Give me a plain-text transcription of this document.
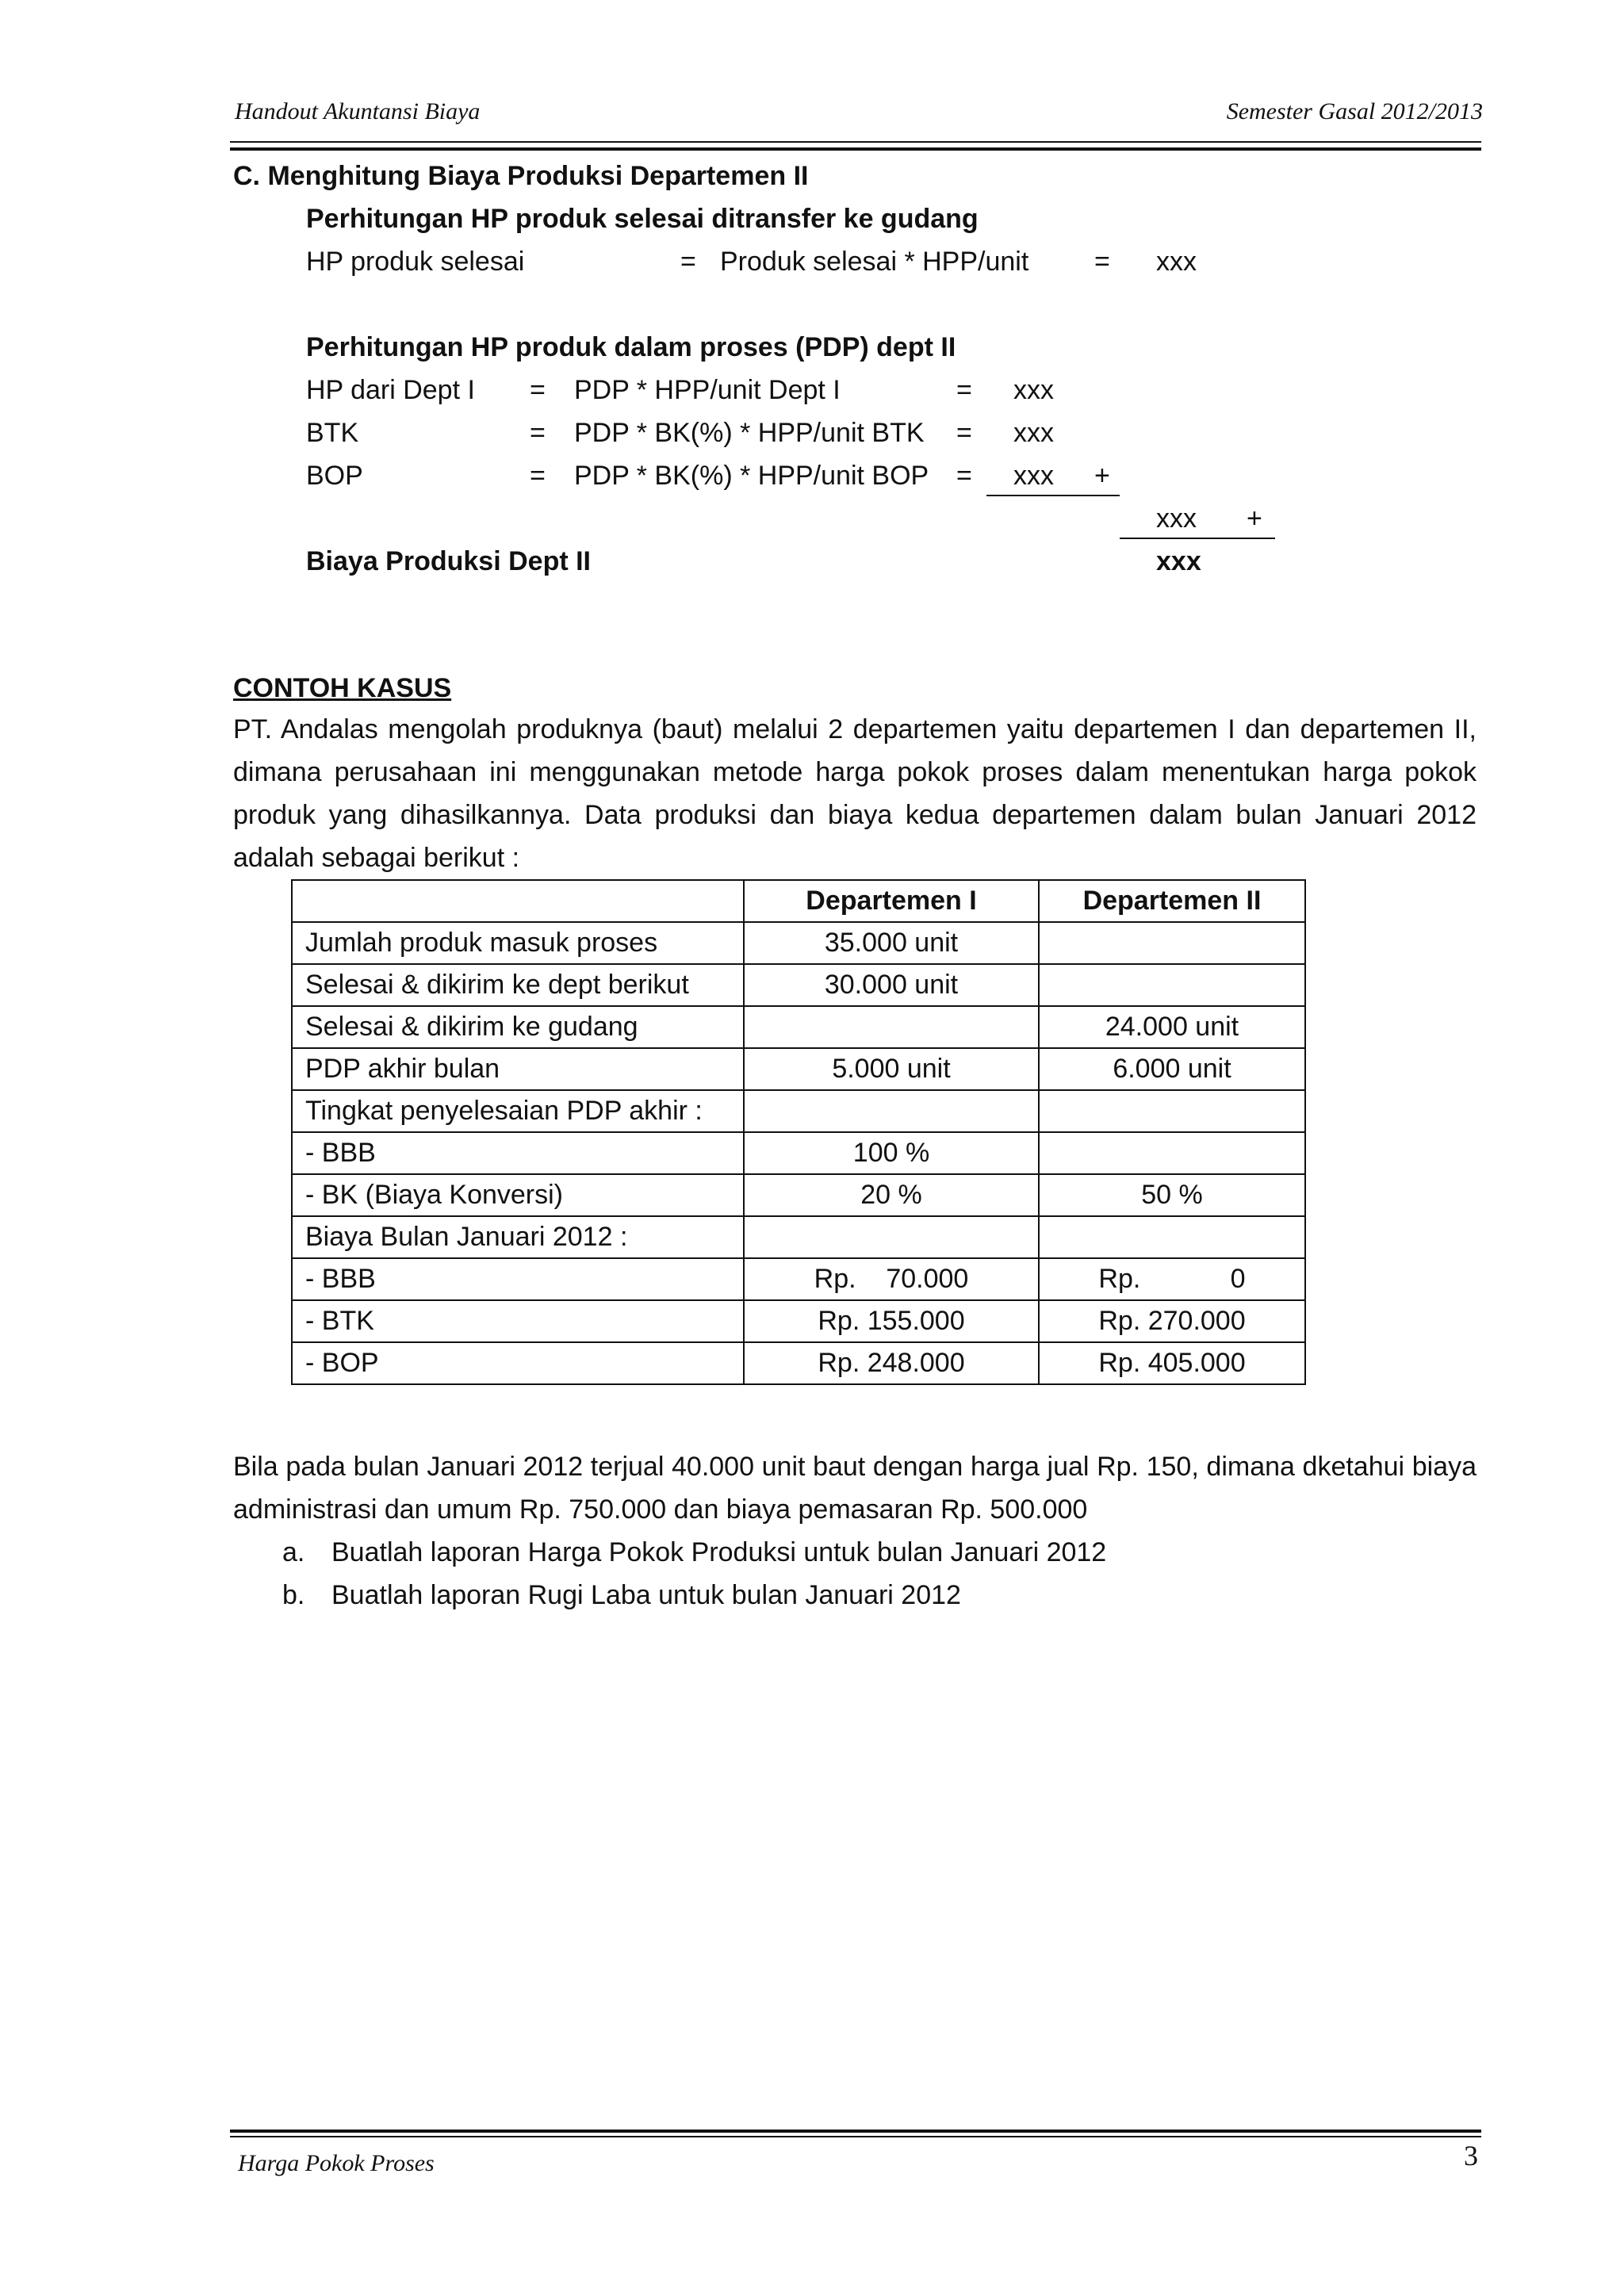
Handout Akuntansi Biaya	Semester Gasal 2012/2013
C. Menghitung Biaya Produksi Departemen II
Perhitungan HP produk selesai ditransfer ke gudang
HP produk selesai	= Produk selesai * HPP/unit = xxx
Perhitungan HP produk dalam proses (PDP) dept II
HP dari Dept I = PDP * HPP/unit Dept I	= xxx
BTK	= PDP * BK(%) * HPP/unit BTK = xxx
BOP	= PDP * BK(%) * HPP/unit BOP = xxx +
xxx +
Biaya Produksi Dept II	xxx
CONTOH KASUS

PT. Andalas mengolah produknya (baut) melalui 2 departemen yaitu departemen I dan departemen II, dimana perusahaan ini menggunakan metode harga pokok proses dalam menentukan harga pokok produk yang dihasilkannya. Data produksi dan biaya kedua departemen dalam bulan Januari 2012 adalah sebagai berikut :

	Departemen I	Departemen II
Jumlah produk masuk proses	35.000 unit	
Selesai & dikirim ke dept berikut	30.000 unit	
Selesai & dikirim ke gudang		24.000 unit
PDP akhir bulan	5.000 unit	6.000 unit
Tingkat penyelesaian PDP akhir :		
- BBB	100 %	
- BK (Biaya Konversi)	20 %	50 %
Biaya Bulan Januari 2012 :		
- BBB	Rp.    70.000	Rp.            0
- BTK	Rp. 155.000	Rp. 270.000
- BOP	Rp. 248.000	Rp. 405.000

Bila pada bulan Januari 2012 terjual 40.000 unit baut dengan harga jual Rp. 150, dimana dketahui biaya administrasi dan umum Rp. 750.000 dan biaya pemasaran Rp. 500.000

a. Buatlah laporan Harga Pokok Produksi untuk bulan Januari 2012
b. Buatlah laporan Rugi Laba untuk bulan Januari 2012
Harga Pokok Proses	3
